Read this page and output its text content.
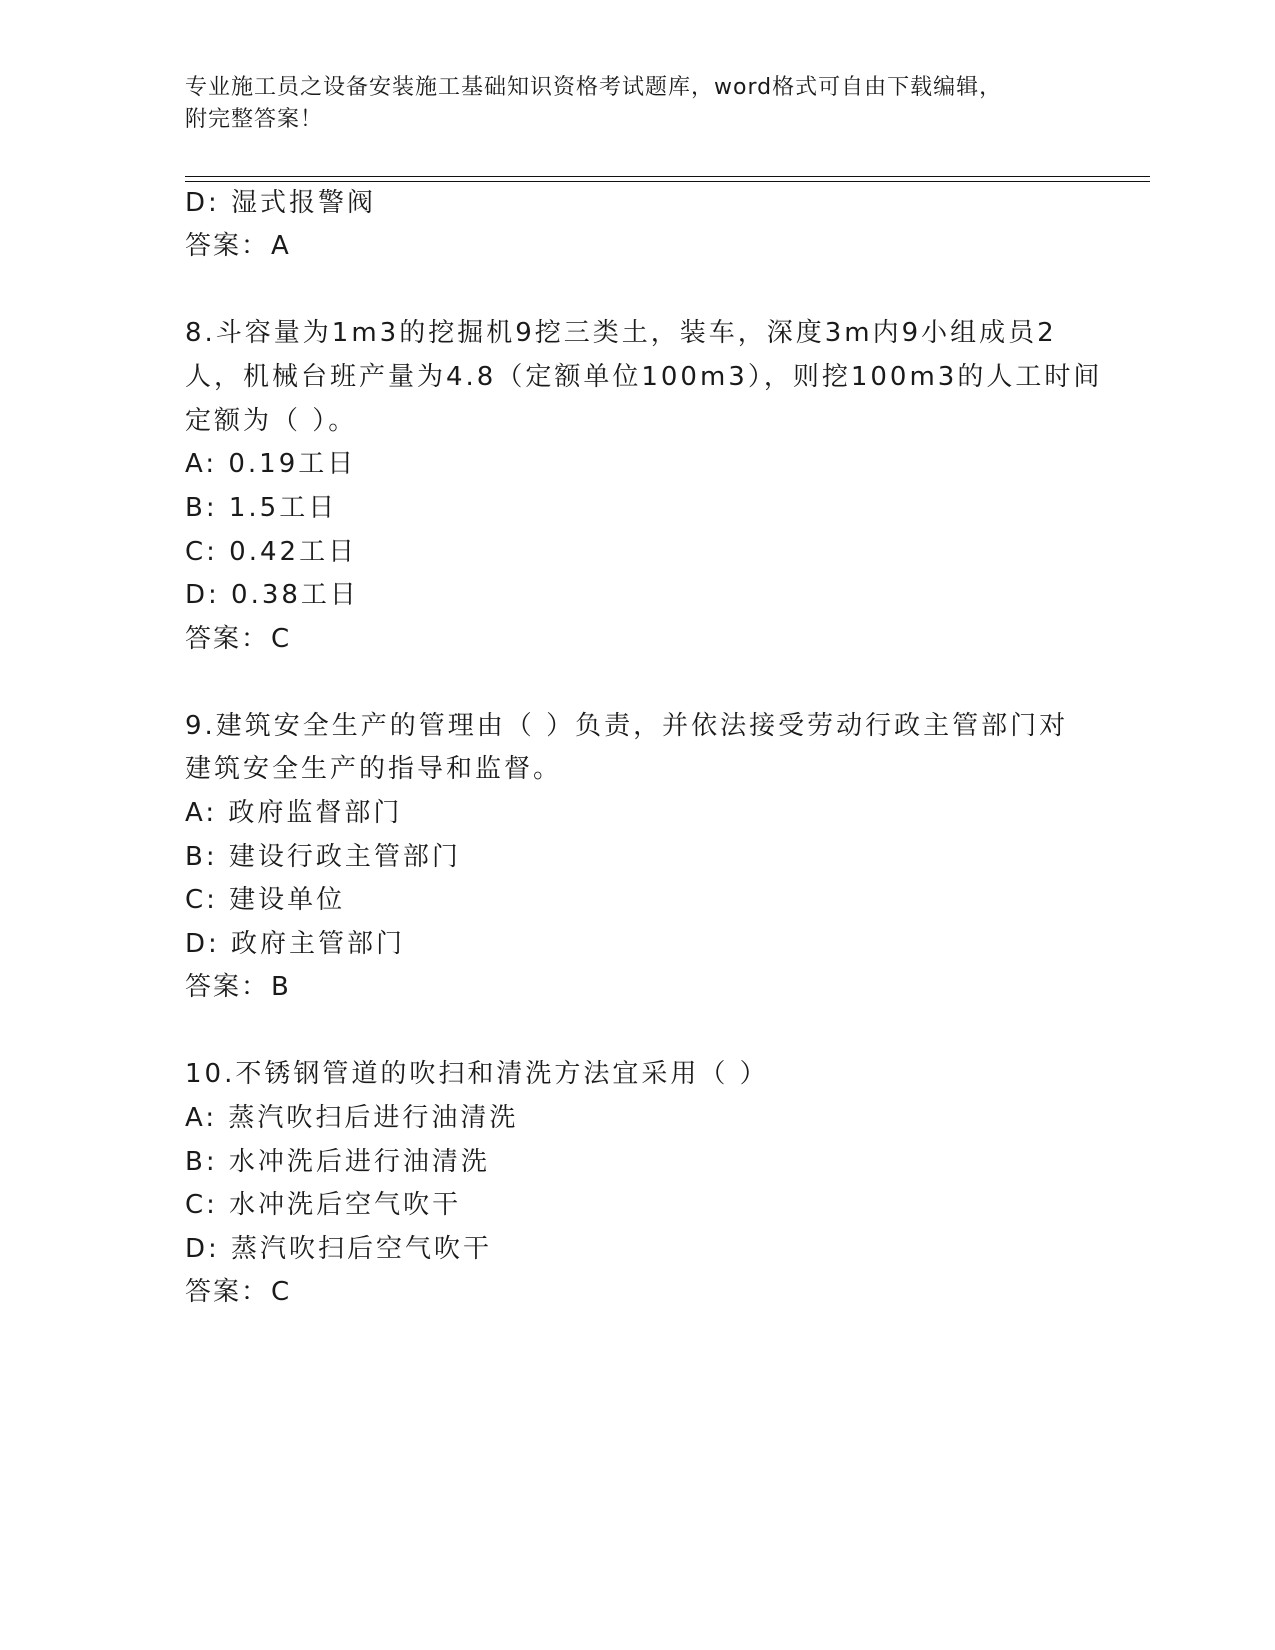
专业施工员之设备安装施工基础知识资格考试题库，word格式可自由下载编辑，
附完整答案！
D: 湿式报警阀
答案：A
8.斗容量为1m3的挖掘机9挖三类土，装车，深度3m内9小组成员2
人，机械台班产量为4.8（定额单位100m3），则挖100m3的人工时间
定额为（ ）。
A: 0.19工日
B: 1.5工日
C: 0.42工日
D: 0.38工日
答案：C
9.建筑安全生产的管理由（ ）负责，并依法接受劳动行政主管部门对
建筑安全生产的指导和监督。
A: 政府监督部门
B: 建设行政主管部门
C: 建设单位
D: 政府主管部门
答案：B
10.不锈钢管道的吹扫和清洗方法宜采用（ ）
A: 蒸汽吹扫后进行油清洗
B: 水冲洗后进行油清洗
C: 水冲洗后空气吹干
D: 蒸汽吹扫后空气吹干
答案：C
